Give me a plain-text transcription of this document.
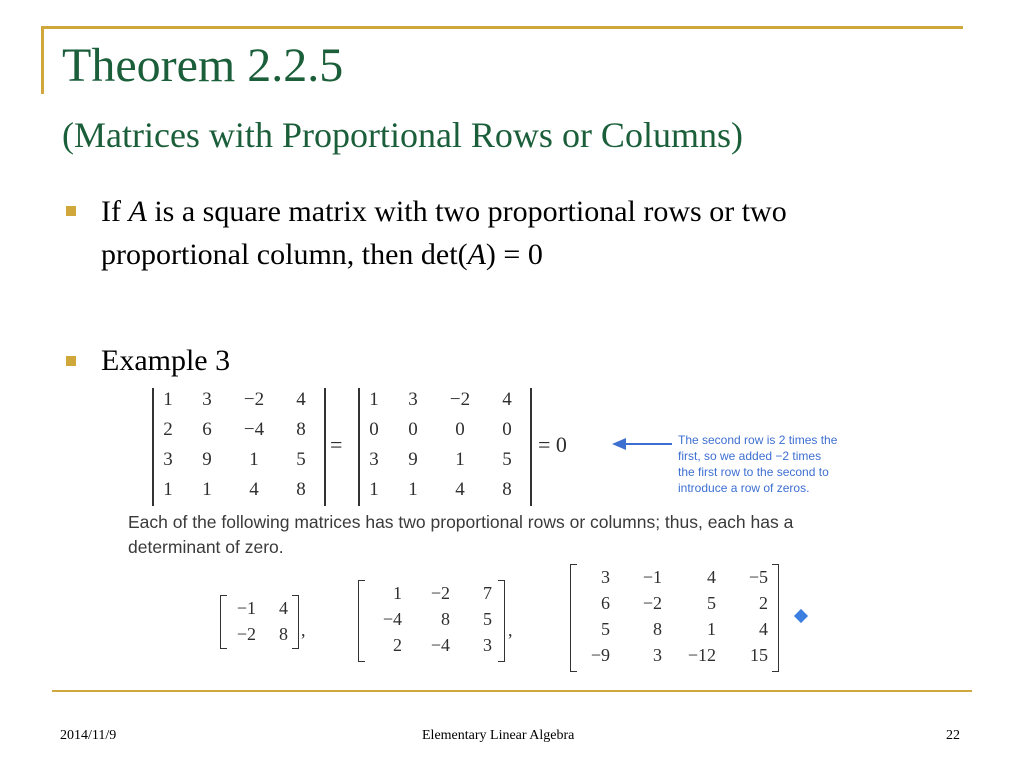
Theorem 2.2.5
(Matrices with Proportional Rows or Columns)
If A is a square matrix with two proportional rows or two
proportional column, then det(A) = 0
Example 3
1	3	−2	4
2	6	−4	8
3	9	1	5
1	1	4	8
=
1	3	−2	4
0	0	0	0
3	9	1	5
1	1	4	8
= 0	The second row is 2 times the
first, so we added −2 times
the first row to the second to
introduce a row of zeros.
Each of the following matrices has two proportional rows or columns; thus, each has a determinant of zero.
−1	4
−2	8 ,
1	−2	7
−4	8	5
2	−4	3
,
3	−1	4	−5
6	−2	5	2
5	8	1	4
−9	3	−12	15
2014/11/9	Elementary Linear Algebra	22
